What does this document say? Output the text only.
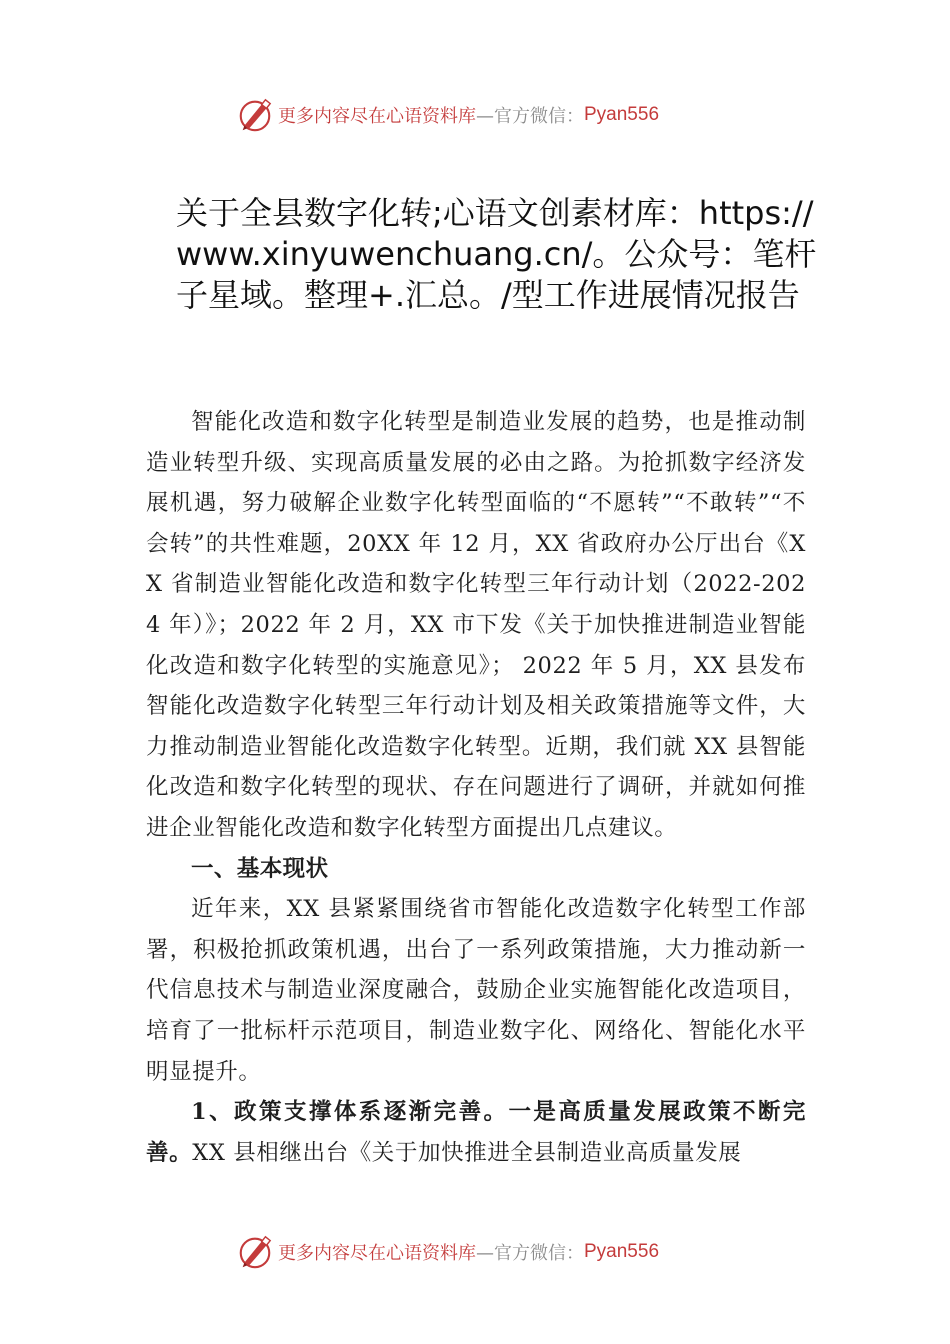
更多内容尽在心语资料库 —官方微信： Pyan556
关于全县数字化转;心语文创素材库：https://www.xinyuwenchuang.cn/。公众号：笔杆子星域。整理+.汇总。/型工作进展情况报告

智能化改造和数字化转型是制造业发展的趋势，也是推动制造业转型升级、实现高质量发展的必由之路。为抢抓数字经济发展机遇，努力破解企业数字化转型面临的“不愿转”“不敢转”“不会转”的共性难题，20XX 年 12 月，XX 省政府办公厅出台《XX 省制造业智能化改造和数字化转型三年行动计划（2022-2024 年）》；2022 年 2 月，XX 市下发《关于加快推进制造业智能化改造和数字化转型的实施意见》； 2022 年 5 月，XX 县发布智能化改造数字化转型三年行动计划及相关政策措施等文件，大力推动制造业智能化改造数字化转型。近期，我们就 XX 县智能化改造和数字化转型的现状、存在问题进行了调研，并就如何推进企业智能化改造和数字化转型方面提出几点建议。

一、基本现状

近年来，XX 县紧紧围绕省市智能化改造数字化转型工作部署，积极抢抓政策机遇，出台了一系列政策措施，大力推动新一代信息技术与制造业深度融合，鼓励企业实施智能化改造项目，培育了一批标杆示范项目，制造业数字化、网络化、智能化水平明显提升。

1、政策支撑体系逐渐完善。一是高质量发展政策不断完善。XX 县相继出台《关于加快推进全县制造业高质量发展

更多内容尽在心语资料库 —官方微信： Pyan556
